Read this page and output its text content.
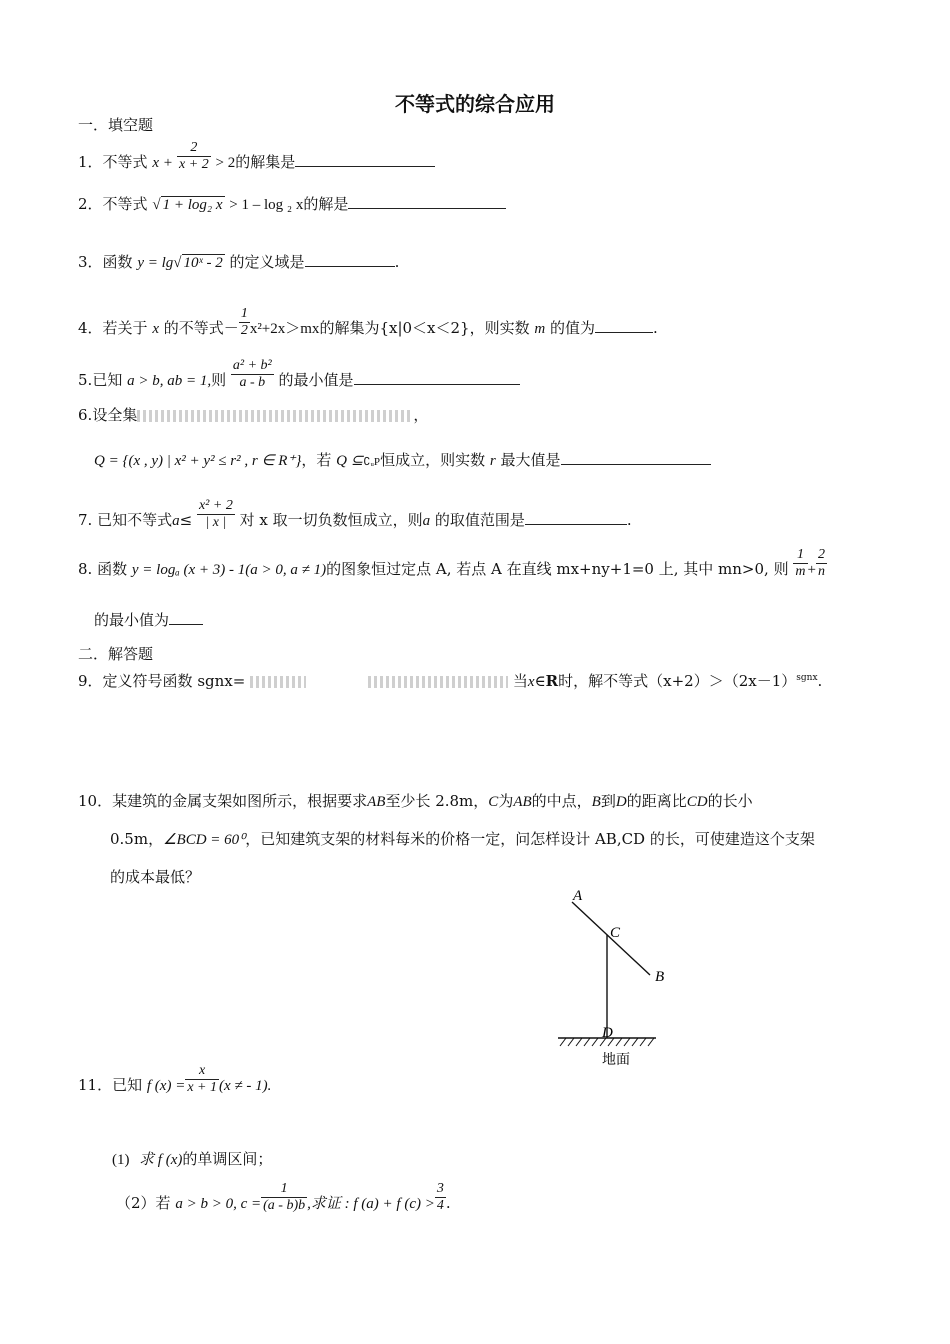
不等式的综合应用
一．填空题
1．不等式 $x + \frac{2}{x + 2} > 2$的解集是
2．不等式 √ 1 + log₂ x > 1 – log ₂ x的解是
3．函数 y = lg√ 10ˣ - 2 的定义域是	.
4．若关于 x 的不等式－ $\frac{1}{2} x^2+2x>mx$的解集为{x|0＜x＜2}，则实数 m 的值为	.
5.已知 a > b, ab = 1,则 $\frac{\text{a² + b²}}{a - b}$ 的最小值是
6.设全集	，
Q = {(x , y) | x² + y² ≤ r² , r ∈ R⁺}，若 Q ⊆∁ᵤP恒成立，则实数 r 最大值是
7. 已知不等式$a\le \frac{\text{x² + 2}}{| x |}$ 对 x 取一切负数恒成立，则a 的取值范围是	.
8. 函数 y = logₐ (x + 3) - 1(a > 0, a ≠ 1)的图象恒过定点 A, 若点 A 在直线 mx+ny+1=0 上, 其中 mn>0, 则 $\frac{1}{m} + \frac{2}{n}$
的最小值为
二．解答题
9．定义符号函数 sgnx=	当x∈R时，解不等式$(x+2)>(2x-1)^{sgnx}$.
10．某建筑的金属支架如图所示，根据要求AB至少长 2.8m，C为AB的中点，B到D的距离比CD的长小
0.5m，∠BCD = 60⁰，已知建筑支架的材料每米的价格一定，问怎样设计 AB,CD 的长，可使建造这个支架
的成本最低？
A
C
B
D
地面
11．已知 f $(x) = \frac{x}{x + 1} (x$ ≠ - 1).
(1) 求 f (x)的单调区间；
（2）若 a > b > 0, $c = \frac{1}{(a - b)b}$ ,求证 : f (a) + f $(c) > \frac{3}{4}$ .
